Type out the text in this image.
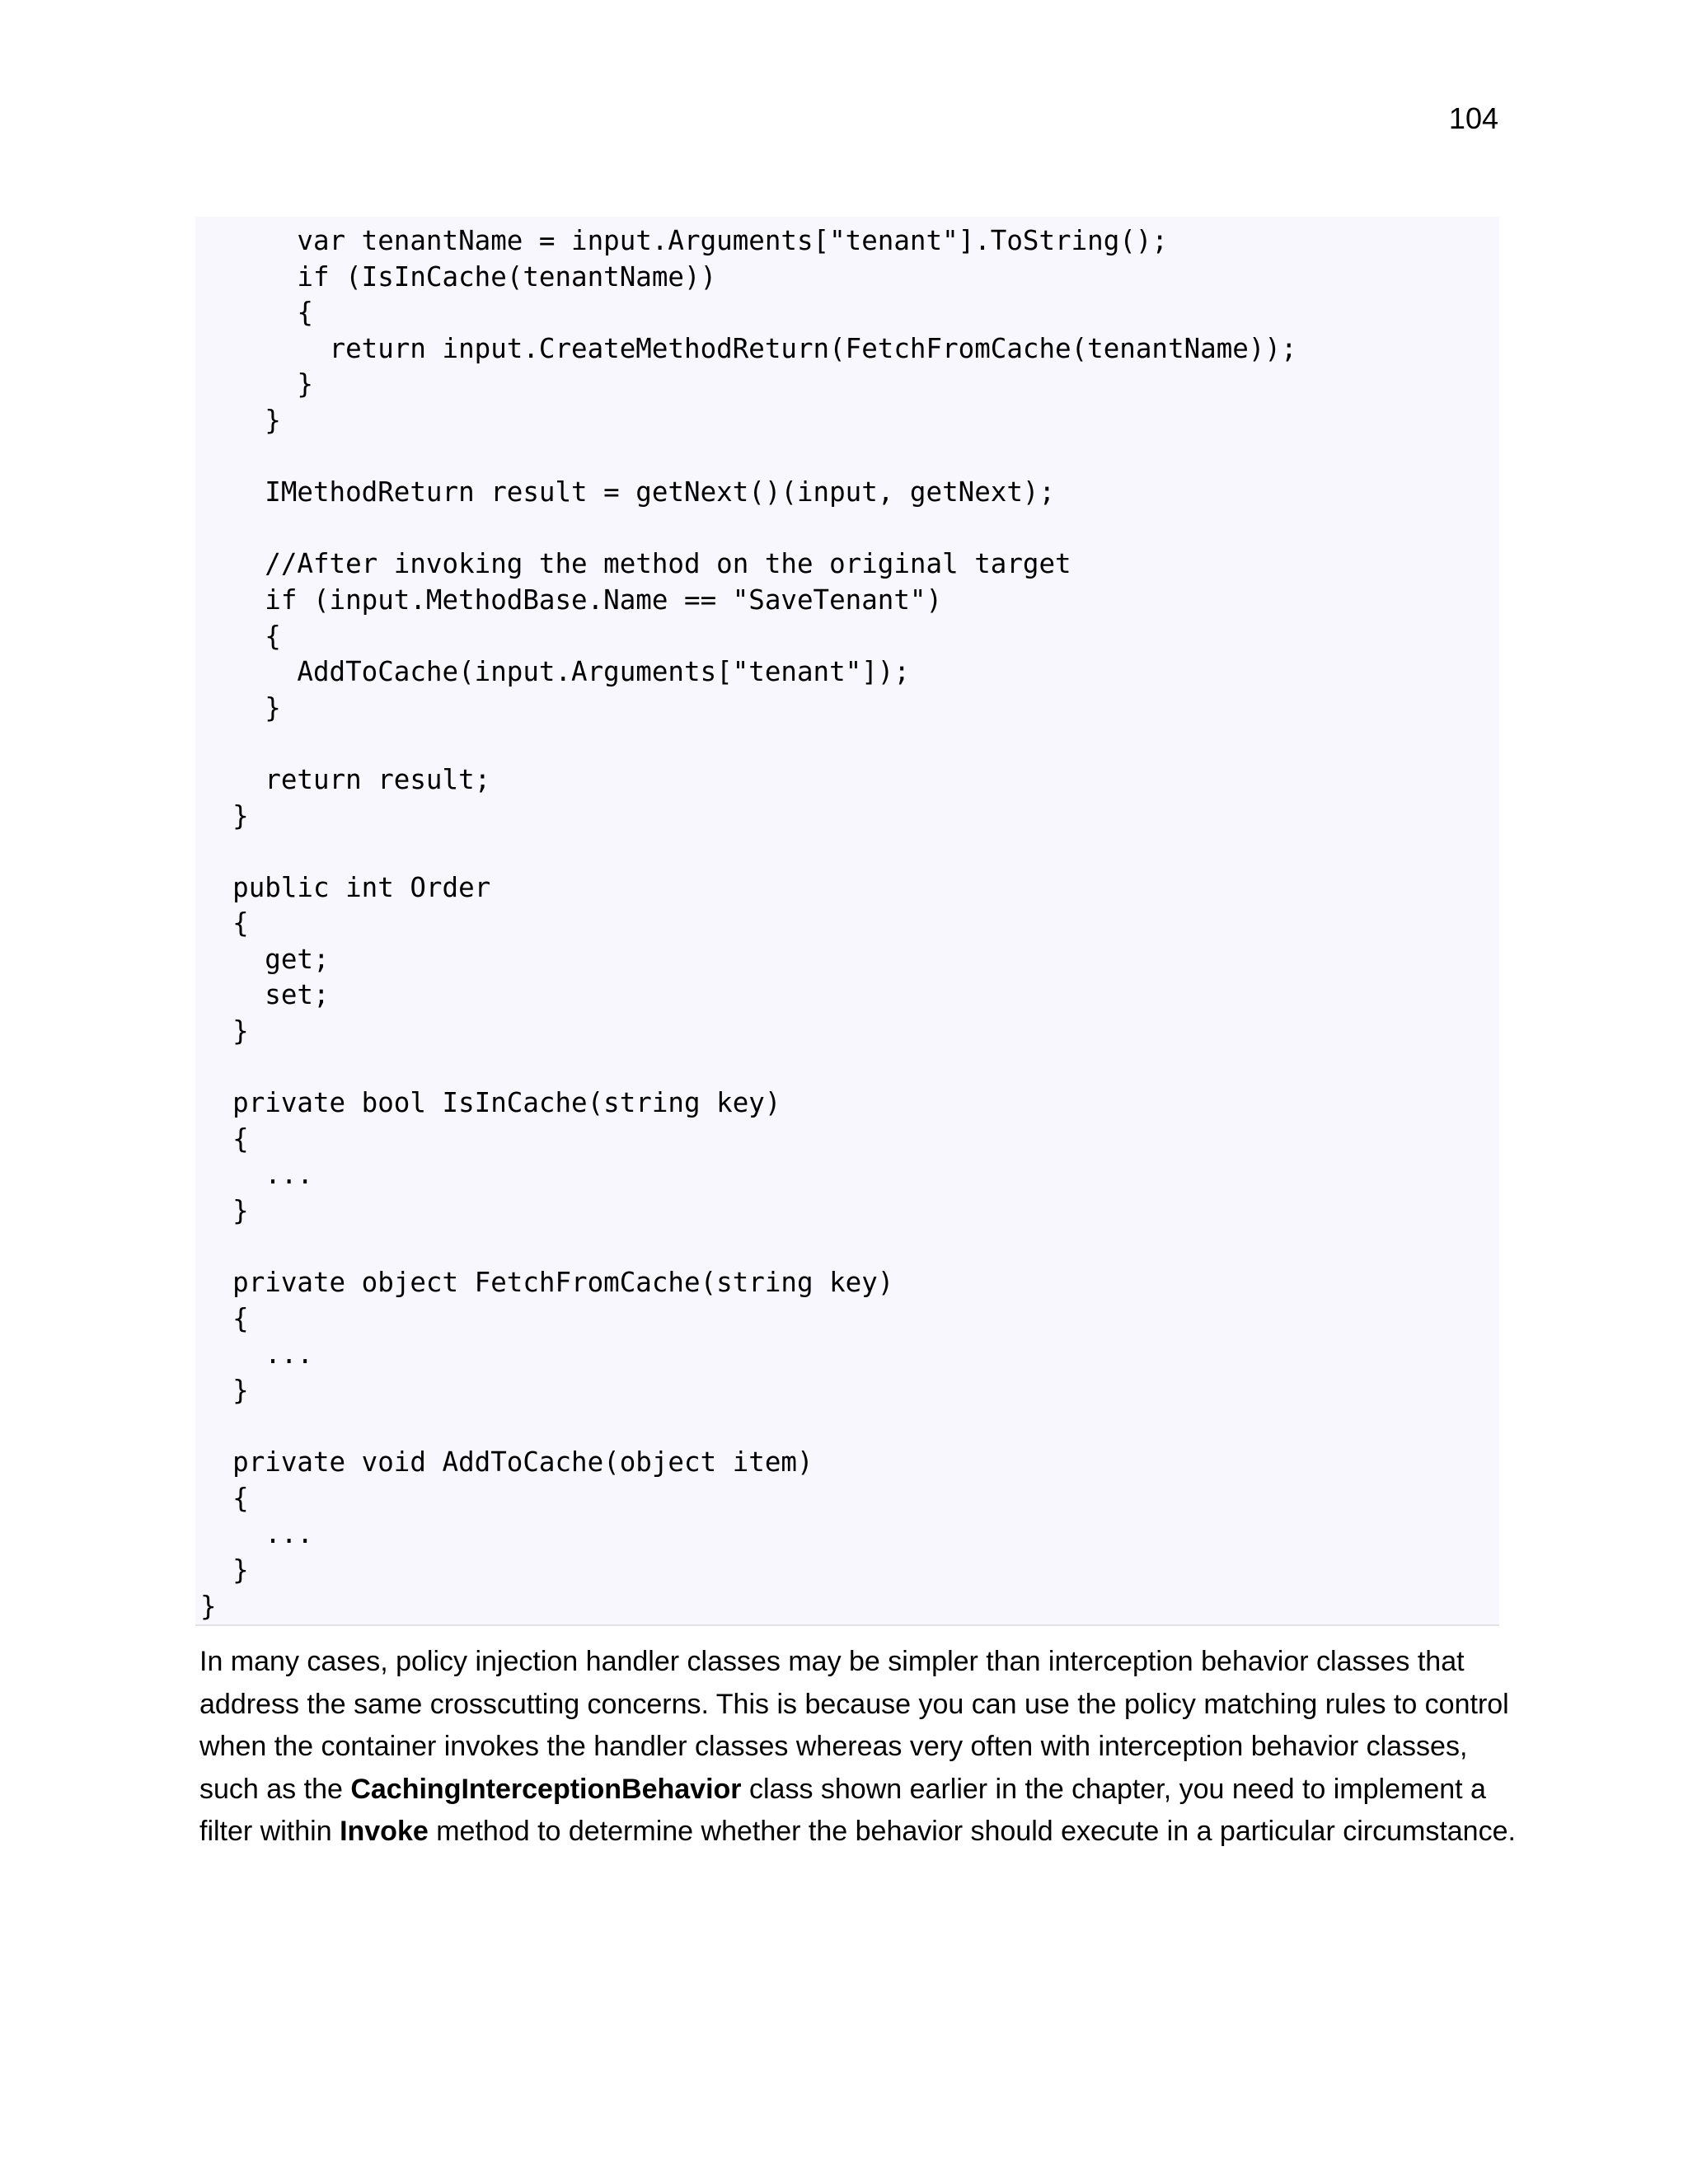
104
var tenantName = input.Arguments["tenant"].ToString();
if (IsInCache(tenantName))
{
return input.CreateMethodReturn(FetchFromCache(tenantName));
}
}
IMethodReturn result = getNext()(input, getNext);
//After invoking the method on the original target
if (input.MethodBase.Name == "SaveTenant")
{
AddToCache(input.Arguments["tenant"]);
}
return result;
}
public int Order
{
get;
set;
}
private bool IsInCache(string key)
{
...
}
private object FetchFromCache(string key)
{
...
}
private void AddToCache(object item)
{
...
}
}

In many cases, policy injection handler classes may be simpler than interception behavior classes that address the same crosscutting concerns. This is because you can use the policy matching rules to control when the container invokes the handler classes whereas very often with interception behavior classes, such as the CachingInterceptionBehavior class shown earlier in the chapter, you need to implement a filter within Invoke method to determine whether the behavior should execute in a particular circumstance.
